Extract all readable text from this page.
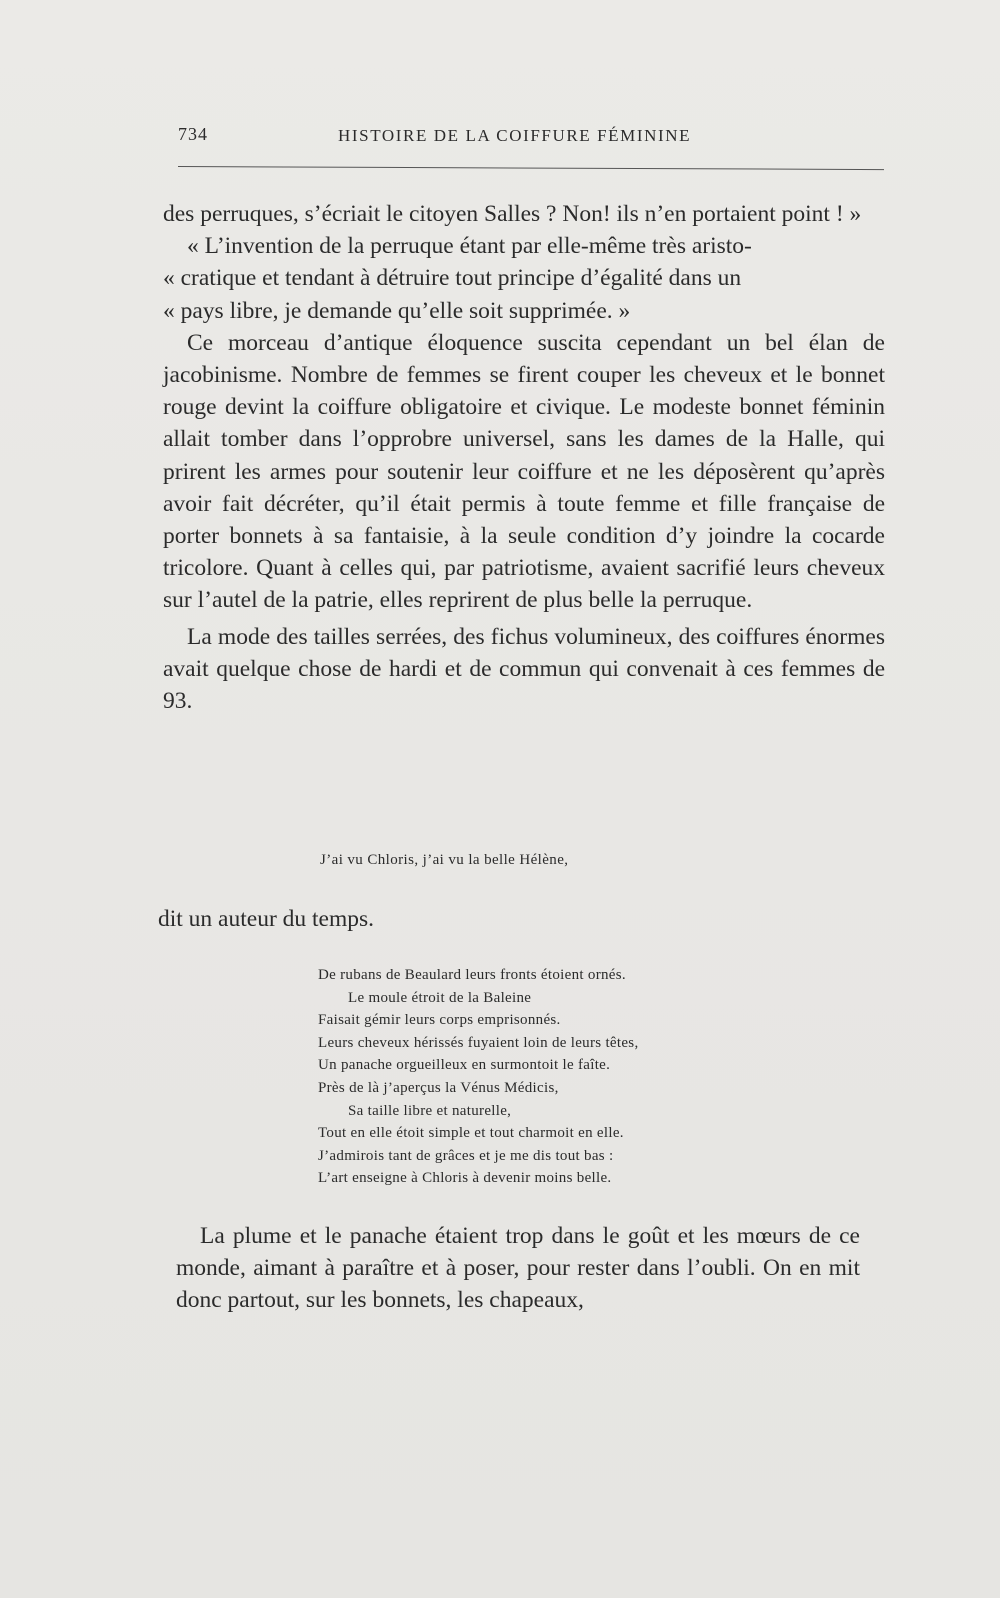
734	HISTOIRE DE LA COIFFURE FÉMININE

des perruques, s’écriait le citoyen Salles ? Non! ils n’en portaient point ! »

« L’invention de la perruque étant par elle-même très aristo-

« cratique et tendant à détruire tout principe d’égalité dans un

« pays libre, je demande qu’elle soit supprimée. »

Ce morceau d’antique éloquence suscita cependant un bel élan de jacobinisme. Nombre de femmes se firent couper les cheveux et le bonnet rouge devint la coiffure obligatoire et civique. Le modeste bonnet féminin allait tomber dans l’opprobre universel, sans les dames de la Halle, qui prirent les armes pour soutenir leur coiffure et ne les déposèrent qu’après avoir fait décréter, qu’il était permis à toute femme et fille française de porter bonnets à sa fantaisie, à la seule condition d’y joindre la cocarde tricolore. Quant à celles qui, par patriotisme, avaient sacrifié leurs cheveux sur l’autel de la patrie, elles reprirent de plus belle la perruque.

La mode des tailles serrées, des fichus volumineux, des coiffures énormes avait quelque chose de hardi et de commun qui convenait à ces femmes de 93.

J’ai vu Chloris, j’ai vu la belle Hélène,
dit un auteur du temps.
De rubans de Beaulard leurs fronts étoient ornés.
Le moule étroit de la Baleine
Faisait gémir leurs corps emprisonnés.
Leurs cheveux hérissés fuyaient loin de leurs têtes,
Un panache orgueilleux en surmontoit le faîte.
Près de là j’aperçus la Vénus Médicis,
Sa taille libre et naturelle,
Tout en elle étoit simple et tout charmoit en elle.
J’admirois tant de grâces et je me dis tout bas :
L’art enseigne à Chloris à devenir moins belle.

La plume et le panache étaient trop dans le goût et les mœurs de ce monde, aimant à paraître et à poser, pour rester dans l’oubli. On en mit donc partout, sur les bonnets, les chapeaux,
